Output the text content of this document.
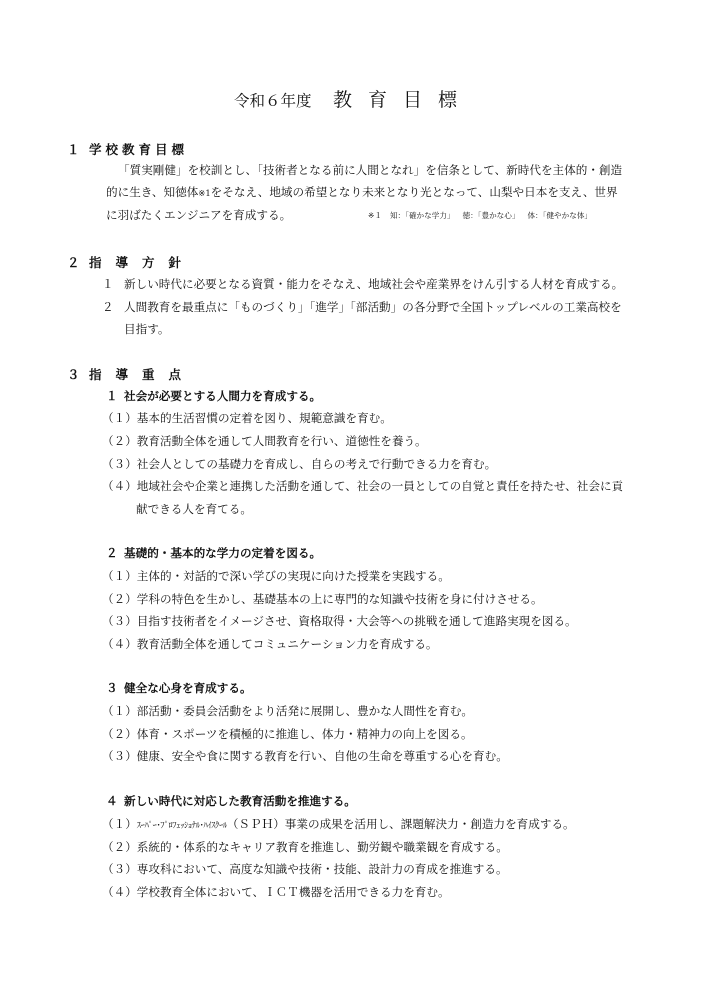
令和６年度 教育目標
１ 学校教育目標
「質実剛健」を校訓とし、「技術者となる前に人間となれ」を信条として、新時代を主体的・創造
的に生き、知徳体※1をそなえ、地域の希望となり未来となり光となって、山梨や日本を支え、世界
に羽ばたくエンジニアを育成する。	※１ 知：「確かな学力」 徳：「豊かな心」 体：「健やかな体」
２ 指導方針
１ 新しい時代に必要となる資質・能力をそなえ、地域社会や産業界をけん引する人材を育成する。
２ 人間教育を最重点に「ものづくり」「進学」「部活動」の各分野で全国トップレベルの工業高校を
目指す。
３ 指導重点
１ 社会が必要とする人間力を育成する。
（１）基本的生活習慣の定着を図り、規範意識を育む。
（２）教育活動全体を通して人間教育を行い、道徳性を養う。
（３）社会人としての基礎力を育成し、自らの考えで行動できる力を育む。
（４）地域社会や企業と連携した活動を通して、社会の一員としての自覚と責任を持たせ、社会に貢
献できる人を育てる。
２ 基礎的・基本的な学力の定着を図る。
（１）主体的・対話的で深い学びの実現に向けた授業を実践する。
（２）学科の特色を生かし、基礎基本の上に専門的な知識や技術を身に付けさせる。
（３）目指す技術者をイメージさせ、資格取得・大会等への挑戦を通して進路実現を図る。
（４）教育活動全体を通してコミュニケーション力を育成する。
３ 健全な心身を育成する。
（１）部活動・委員会活動をより活発に展開し、豊かな人間性を育む。
（２）体育・スポーツを積極的に推進し、体力・精神力の向上を図る。
（３）健康、安全や食に関する教育を行い、自他の生命を尊重する心を育む。
４ 新しい時代に対応した教育活動を推進する。
（１）ｽｰﾊﾟｰ･ﾌﾟﾛﾌｪｯｼｮﾅﾙ･ﾊｲｽｸｰﾙ（ＳＰＨ）事業の成果を活用し、課題解決力・創造力を育成する。
（２）系統的・体系的なキャリア教育を推進し、勤労観や職業観を育成する。
（３）専攻科において、高度な知識や技術・技能、設計力の育成を推進する。
（４）学校教育全体において、ＩＣＴ機器を活用できる力を育む。
